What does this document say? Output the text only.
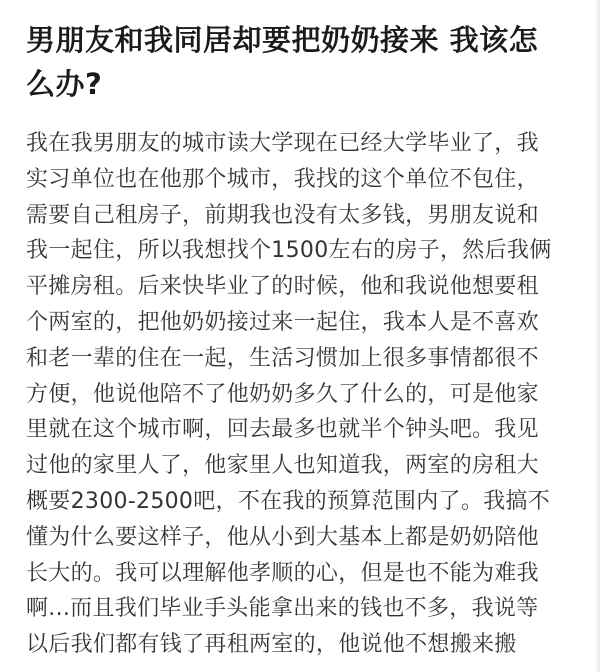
男朋友和我同居却要把奶奶接来 我该怎
么办?
我在我男朋友的城市读大学现在已经大学毕业了，我
实习单位也在他那个城市，我找的这个单位不包住，
需要自己租房子，前期我也没有太多钱，男朋友说和
我一起住，所以我想找个1500左右的房子，然后我俩
平摊房租。后来快毕业了的时候，他和我说他想要租
个两室的，把他奶奶接过来一起住，我本人是不喜欢
和老一辈的住在一起，生活习惯加上很多事情都很不
方便，他说他陪不了他奶奶多久了什么的，可是他家
里就在这个城市啊，回去最多也就半个钟头吧。我见
过他的家里人了，他家里人也知道我，两室的房租大
概要2300-2500吧，不在我的预算范围内了。我搞不
懂为什么要这样子，他从小到大基本上都是奶奶陪他
长大的。我可以理解他孝顺的心，但是也不能为难我
啊...而且我们毕业手头能拿出来的钱也不多，我说等
以后我们都有钱了再租两室的，他说他不想搬来搬
